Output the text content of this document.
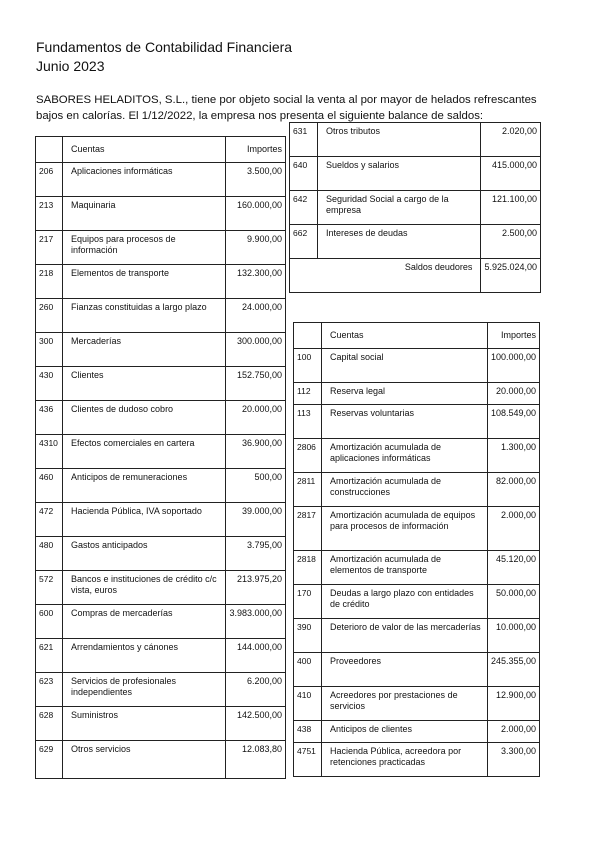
Fundamentos de Contabilidad Financiera
Junio 2023
SABORES HELADITOS, S.L., tiene por objeto social la venta al por mayor de helados refrescantes bajos en calorías. El 1/12/2022, la empresa nos presenta el siguiente balance de saldos:
	Cuentas	Importes
206	Aplicaciones informáticas	3.500,00
213	Maquinaria	160.000,00
217	Equipos para procesos de información	9.900,00
218	Elementos de transporte	132.300,00
260	Fianzas constituidas a largo plazo	24.000,00
300	Mercaderías	300.000,00
430	Clientes	152.750,00
436	Clientes de dudoso cobro	20.000,00
4310	Efectos comerciales en cartera	36.900,00
460	Anticipos de remuneraciones	500,00
472	Hacienda Pública, IVA soportado	39.000,00
480	Gastos anticipados	3.795,00
572	Bancos e instituciones de crédito c/c vista, euros	213.975,20
600	Compras de mercaderías	3.983.000,00
621	Arrendamientos y cánones	144.000,00
623	Servicios de profesionales independientes	6.200,00
628	Suministros	142.500,00
629	Otros servicios	12.083,80
631	Otros tributos	2.020,00
640	Sueldos y salarios	415.000,00
642	Seguridad Social a cargo de la empresa	121.100,00
662	Intereses de deudas	2.500,00
Saldos deudores		5.925.024,00
	Cuentas	Importes
100	Capital social	100.000,00
112	Reserva legal	20.000,00
113	Reservas voluntarias	108.549,00
2806	Amortización acumulada de aplicaciones informáticas	1.300,00
2811	Amortización acumulada de construcciones	82.000,00
2817	Amortización acumulada de equipos para procesos de información	2.000,00
2818	Amortización acumulada de elementos de transporte	45.120,00
170	Deudas a largo plazo con entidades de crédito	50.000,00
390	Deterioro de valor de las mercaderías	10.000,00
400	Proveedores	245.355,00
410	Acreedores por prestaciones de servicios	12.900,00
438	Anticipos de clientes	2.000,00
4751	Hacienda Pública, acreedora por retenciones practicadas	3.300,00
